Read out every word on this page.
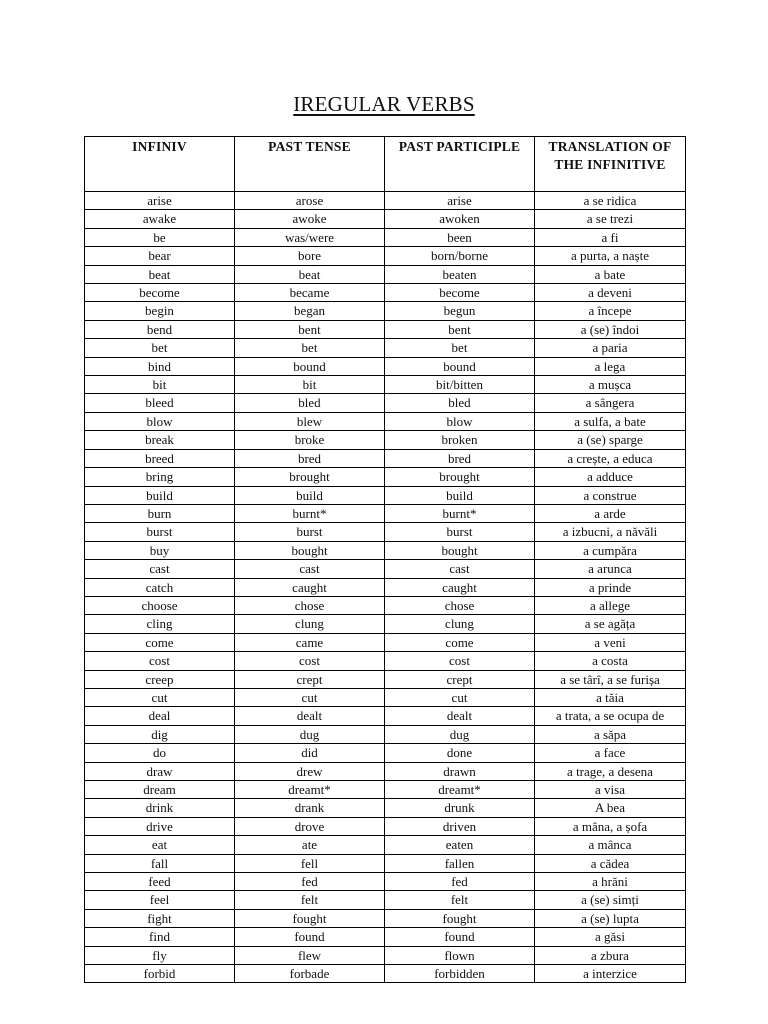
IREGULAR VERBS
INFINIV	PAST TENSE	PAST PARTICIPLE	TRANSLATION OF THE INFINITIVE
arise	arose	arise	a se ridica
awake	awoke	awoken	a se trezi
be	was/were	been	a fi
bear	bore	born/borne	a purta, a naște
beat	beat	beaten	a bate
become	became	become	a deveni
begin	began	begun	a începe
bend	bent	bent	a (se) îndoi
bet	bet	bet	a paria
bind	bound	bound	a lega
bit	bit	bit/bitten	a mușca
bleed	bled	bled	a sângera
blow	blew	blow	a sulfa, a bate
break	broke	broken	a (se) sparge
breed	bred	bred	a crește, a educa
bring	brought	brought	a adduce
build	build	build	a construe
burn	burnt*	burnt*	a arde
burst	burst	burst	a izbucni, a năvăli
buy	bought	bought	a cumpăra
cast	cast	cast	a arunca
catch	caught	caught	a prinde
choose	chose	chose	a allege
cling	clung	clung	a se agăța
come	came	come	a veni
cost	cost	cost	a costa
creep	crept	crept	a se târî, a se furișa
cut	cut	cut	a tăia
deal	dealt	dealt	a trata, a se ocupa de
dig	dug	dug	a săpa
do	did	done	a face
draw	drew	drawn	a trage, a desena
dream	dreamt*	dreamt*	a visa
drink	drank	drunk	A bea
drive	drove	driven	a mâna, a șofa
eat	ate	eaten	a mânca
fall	fell	fallen	a cădea
feed	fed	fed	a hrăni
feel	felt	felt	a (se) simți
fight	fought	fought	a (se) lupta
find	found	found	a găsi
fly	flew	flown	a zbura
forbid	forbade	forbidden	a interzice
